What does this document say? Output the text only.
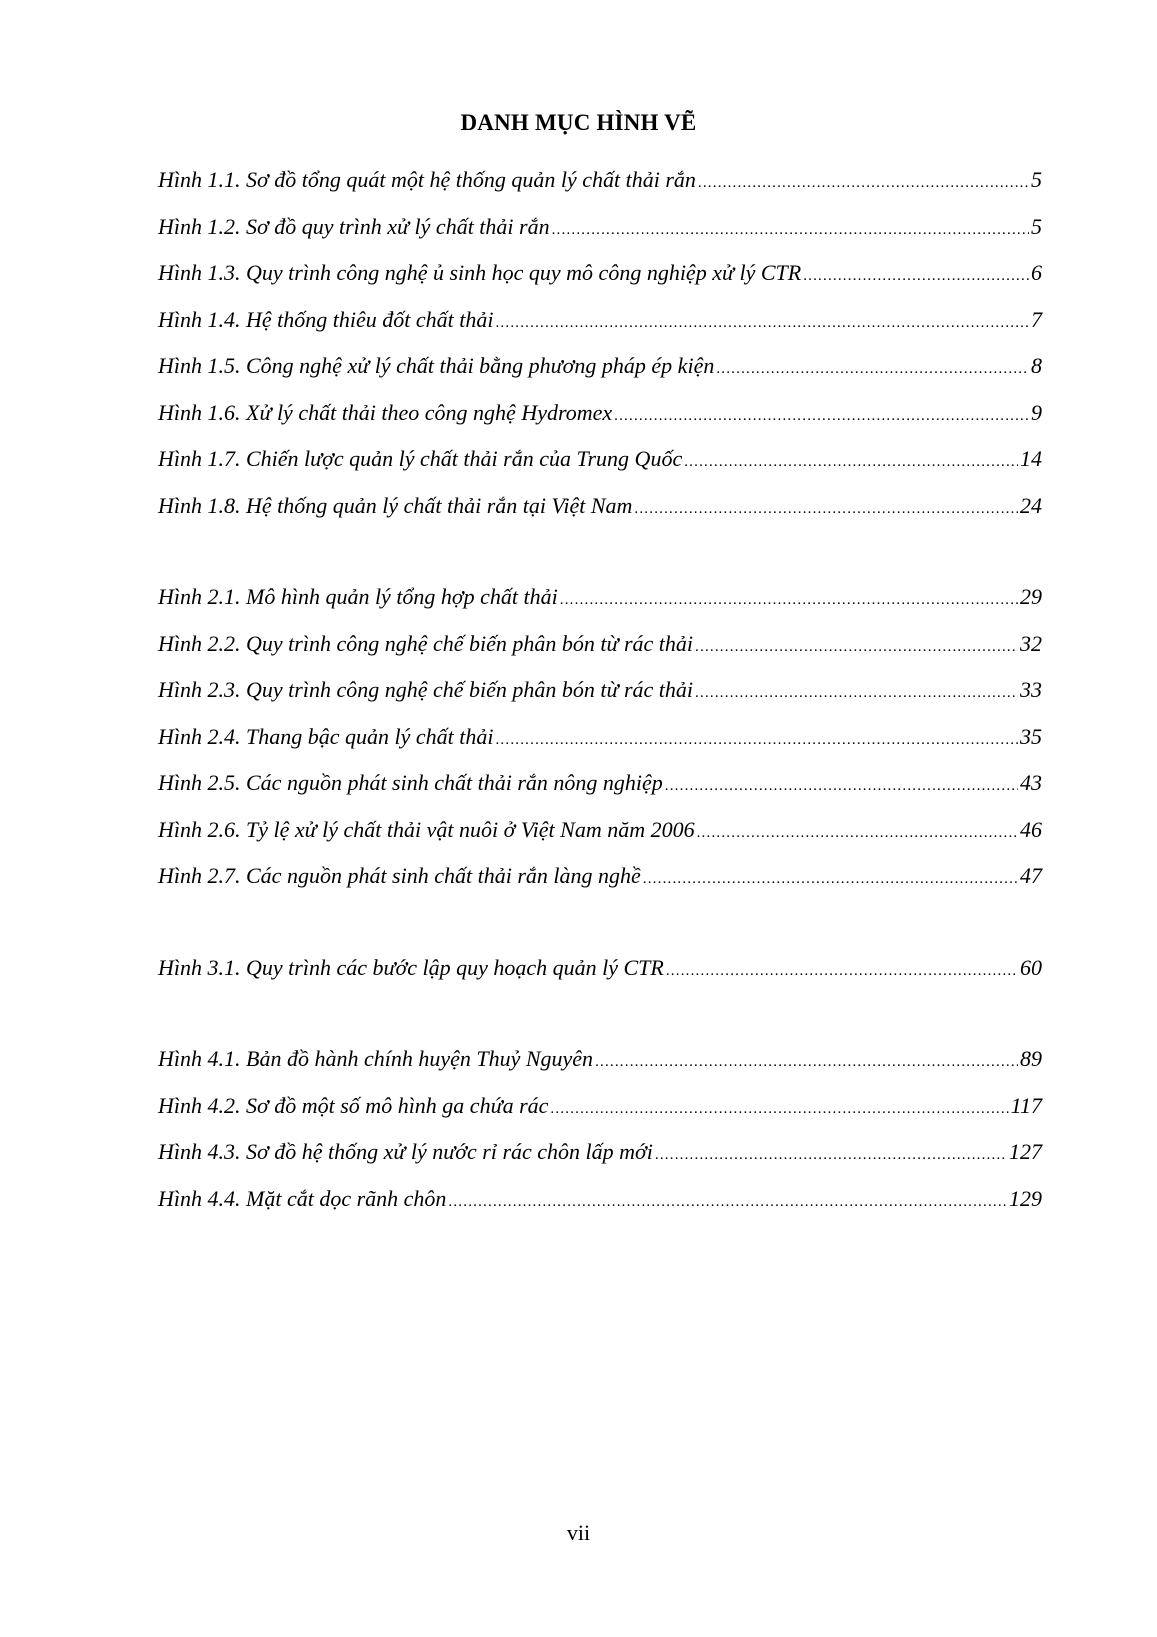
DANH MỤC HÌNH VẼ
Hình 1.1. Sơ đồ tổng quát một hệ thống quản lý chất thải rắn .....	5
Hình 1.2. Sơ đồ quy trình xử lý chất thải rắn .....	5
Hình 1.3. Quy trình công nghệ ủ sinh học quy mô công nghiệp xử lý CTR .....	6
Hình 1.4. Hệ thống thiêu đốt chất thải .....	7
Hình 1.5. Công nghệ xử lý chất thải bằng phương pháp ép kiện .....	8
Hình 1.6. Xử lý chất thải theo công nghệ Hydromex .....	9
Hình 1.7. Chiến lược quản lý chất thải rắn của Trung Quốc .....	14
Hình 1.8. Hệ thống quản lý chất thải rắn tại Việt Nam .....	24
Hình 2.1. Mô hình quản lý tổng hợp chất thải .....	29
Hình 2.2. Quy trình công nghệ chế biến phân bón từ rác thải .....	32
Hình 2.3. Quy trình công nghệ chế biến phân bón từ rác thải .....	33
Hình 2.4. Thang bậc quản lý chất thải .....	35
Hình 2.5. Các nguồn phát sinh chất thải rắn nông nghiệp .....	43
Hình 2.6. Tỷ lệ xử lý chất thải vật nuôi ở Việt Nam năm 2006 .....	46
Hình 2.7. Các nguồn phát sinh chất thải rắn làng nghề .....	47
Hình 3.1. Quy trình các bước lập quy hoạch quản lý CTR .....	60
Hình 4.1. Bản đồ hành chính huyện Thuỷ Nguyên .....	89
Hình 4.2. Sơ đồ một số mô hình ga chứa rác .....	117
Hình 4.3. Sơ đồ hệ thống xử lý nước rỉ rác chôn lấp mới .....	127
Hình 4.4. Mặt cắt dọc rãnh chôn .....	129
vii
